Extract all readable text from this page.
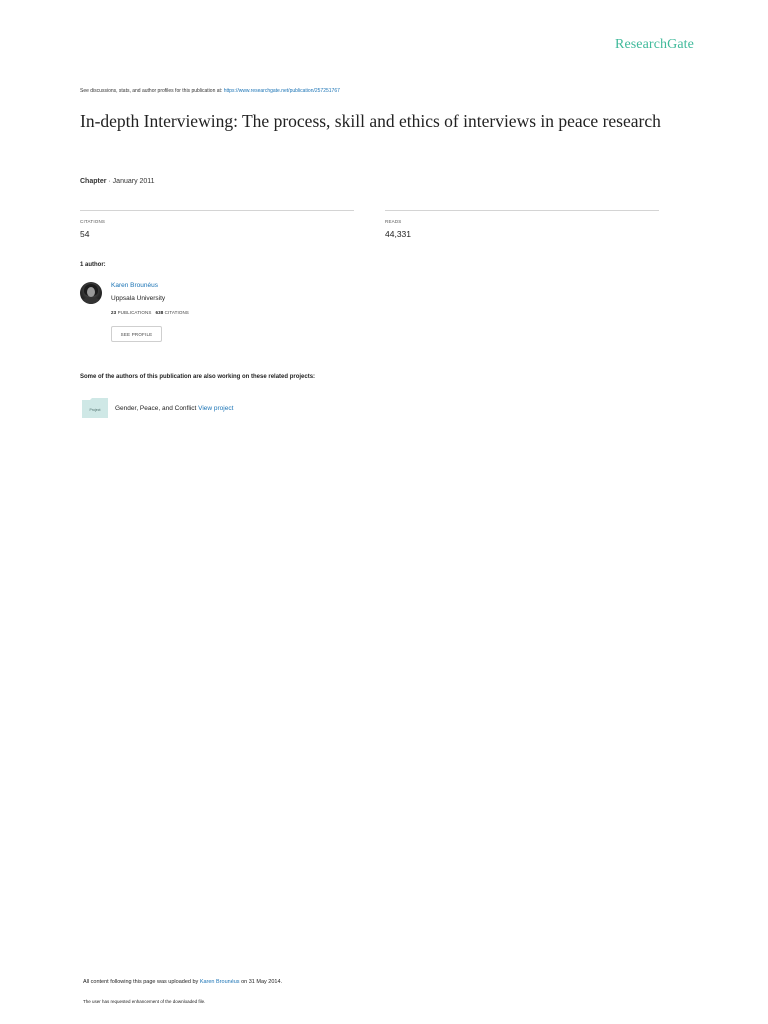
ResearchGate
See discussions, stats, and author profiles for this publication at: https://www.researchgate.net/publication/257251767
In-depth Interviewing: The process, skill and ethics of interviews in peace research
Chapter · January 2011
CITATIONS
54
READS
44,331
1 author:
Karen Brounéus
Uppsala University
23 PUBLICATIONS   638 CITATIONS
SEE PROFILE
Some of the authors of this publication are also working on these related projects:
Project Gender, Peace, and Conflict View project
All content following this page was uploaded by Karen Brounéus on 31 May 2014.
The user has requested enhancement of the downloaded file.
